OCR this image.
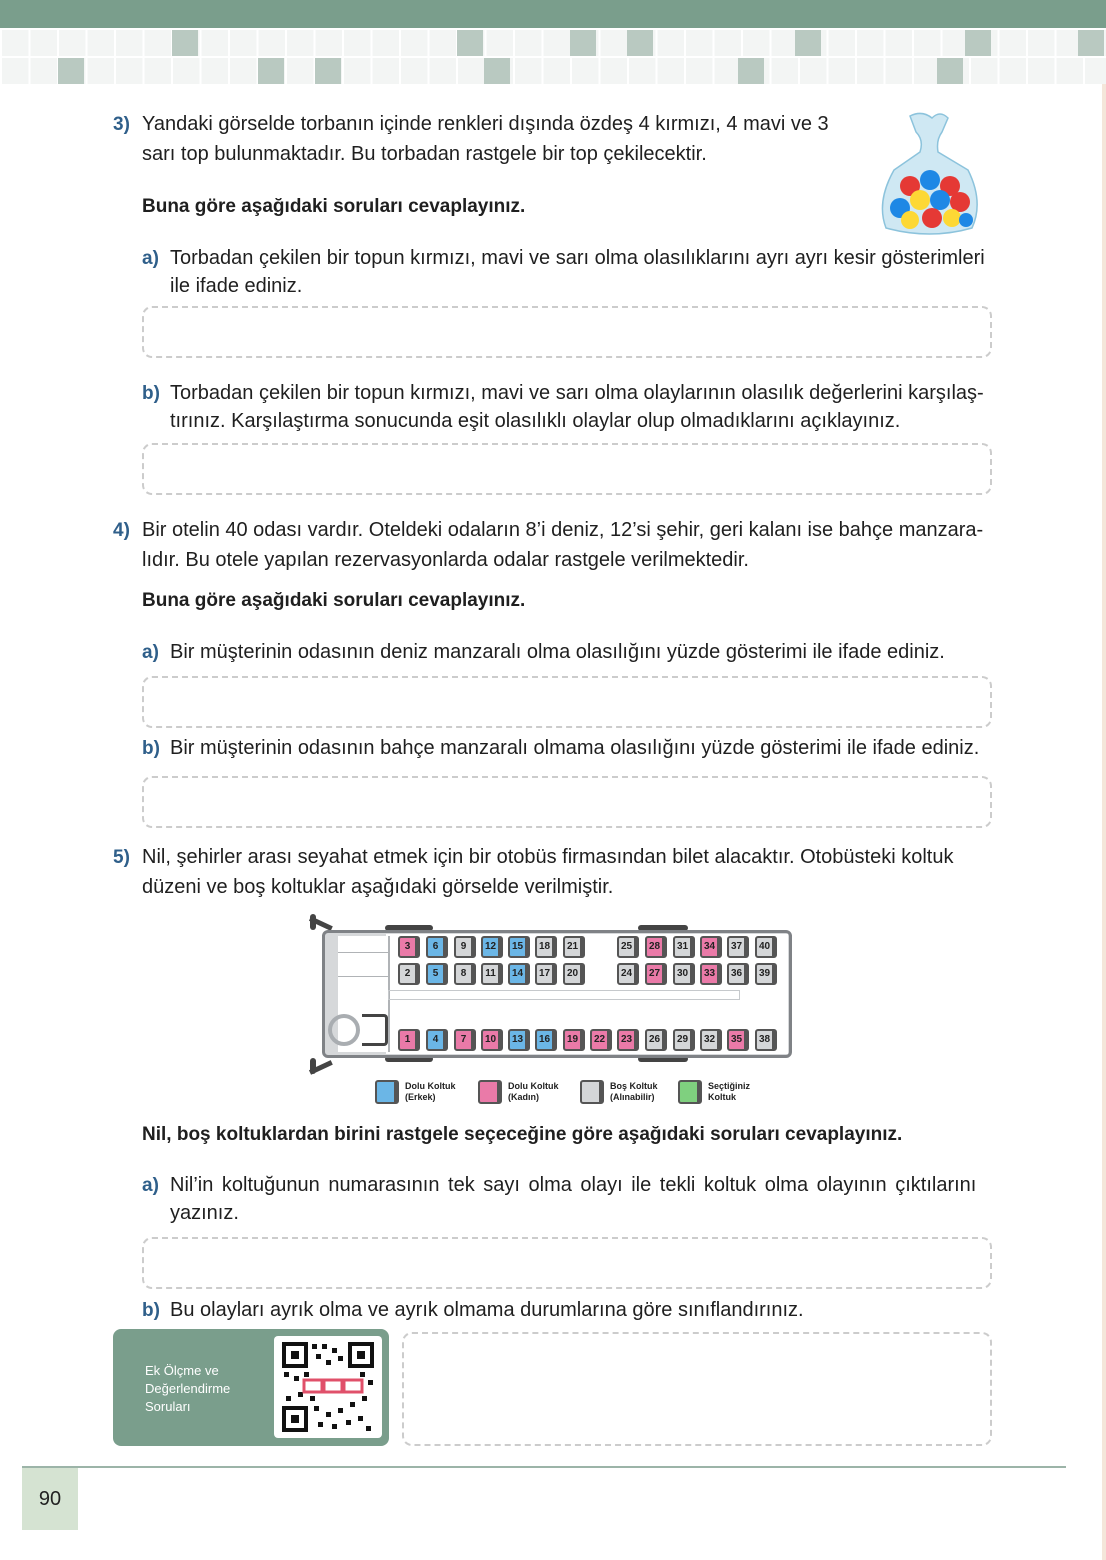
3) Yandaki görselde torbanın içinde renkleri dışında özdeş 4 kırmızı, 4 mavi ve 3
sarı top bulunmaktadır. Bu torbadan rastgele bir top çekilecektir.
Buna göre aşağıdaki soruları cevaplayınız.
a) Torbadan çekilen bir topun kırmızı, mavi ve sarı olma olasılıklarını ayrı ayrı kesir gösterimleri
ile ifade ediniz.
b) Torbadan çekilen bir topun kırmızı, mavi ve sarı olma olaylarının olasılık değerlerini karşılaş-
tırınız. Karşılaştırma sonucunda eşit olasılıklı olaylar olup olmadıklarını açıklayınız.
4) Bir otelin 40 odası vardır. Oteldeki odaların 8’i deniz, 12’si şehir, geri kalanı ise bahçe manzara-
lıdır. Bu otele yapılan rezervasyonlarda odalar rastgele verilmektedir.
Buna göre aşağıdaki soruları cevaplayınız.
a) Bir müşterinin odasının deniz manzaralı olma olasılığını yüzde gösterimi ile ifade ediniz.
b) Bir müşterinin odasının bahçe manzaralı olmama olasılığını yüzde gösterimi ile ifade ediniz.
5) Nil, şehirler arası seyahat etmek için bir otobüs firmasından bilet alacaktır. Otobüsteki koltuk
düzeni ve boş koltuklar aşağıdaki görselde verilmiştir.
3	6	9	12	15	18	21	25	28	31	34	37	40
2	5	8	11	14	17	20	24	27	30	33	36	39
1	4	7	10	13	16	19	22	23	26	29	32	35	38
Dolu Koltuk
(Erkek)
Dolu Koltuk
(Kadın)
Boş Koltuk
(Alınabilir)
Seçtiğiniz
Koltuk
Nil, boş koltuklardan birini rastgele seçeceğine göre aşağıdaki soruları cevaplayınız.
a) Nil’in koltuğunun numarasının tek sayı olma olayı ile tekli koltuk olma olayının çıktılarını
yazınız.
b) Bu olayları ayrık olma ve ayrık olmama durumlarına göre sınıflandırınız.
Ek Ölçme ve
Değerlendirme
Soruları
90
